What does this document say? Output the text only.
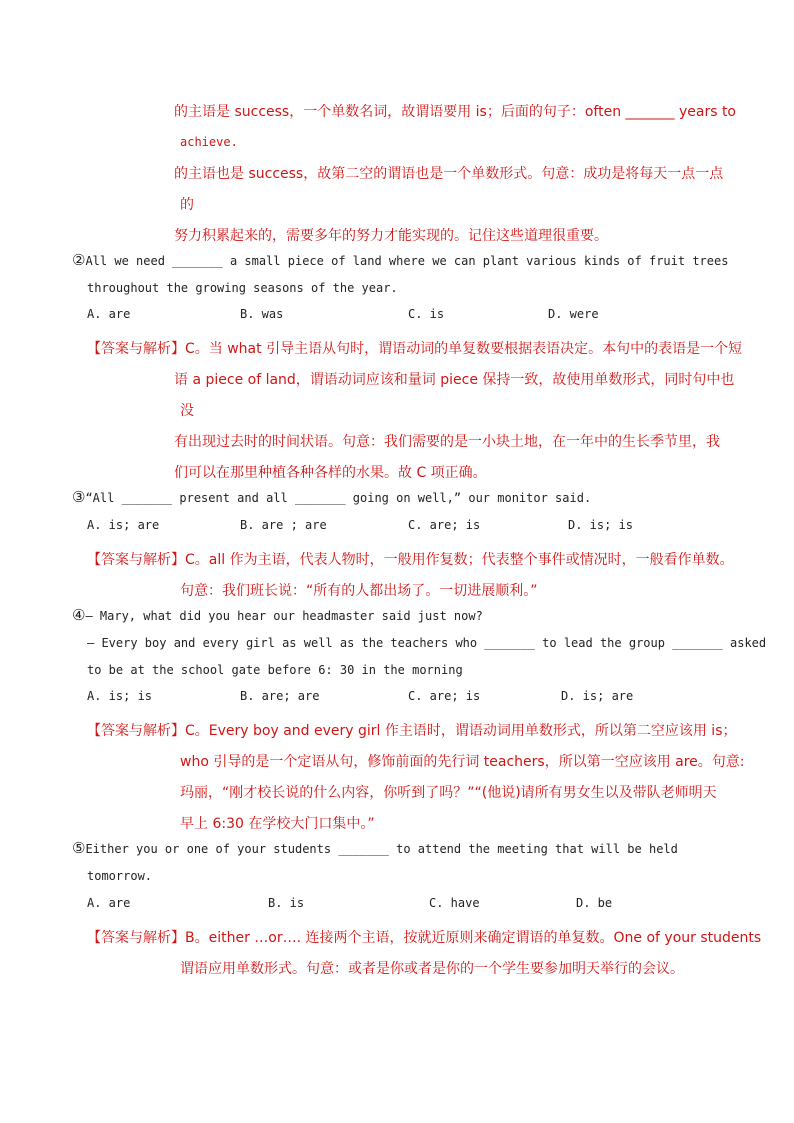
的主语是 success，一个单数名词，故谓语要用 is；后面的句子：often _______ years to
achieve.
的主语也是 success，故第二空的谓语也是一个单数形式。句意：成功是将每天一点一点
的
努力积累起来的，需要多年的努力才能实现的。记住这些道理很重要。
②All we need _______ a small piece of land where we can plant various kinds of fruit trees
throughout the growing seasons of the year.
A. are	B. was	C. is	D. were
【答案与解析】C。当 what 引导主语从句时，谓语动词的单复数要根据表语决定。本句中的表语是一个短
语 a piece of land，谓语动词应该和量词 piece 保持一致，故使用单数形式，同时句中也
没
有出现过去时的时间状语。句意：我们需要的是一小块土地，在一年中的生长季节里，我
们可以在那里种植各种各样的水果。故 C 项正确。
③“All _______ present and all _______ going on well,” our monitor said.
A. is; are	B. are ; are	C. are; is	D. is; is
【答案与解析】C。all 作为主语，代表人物时，一般用作复数；代表整个事件或情况时，一般看作单数。
句意：我们班长说：“所有的人都出场了。一切进展顺利。”
④— Mary, what did you hear our headmaster said just now?
— Every boy and every girl as well as the teachers who _______ to lead the group _______ asked
to be at the school gate before 6: 30 in the morning
A. is; is	B. are; are	C. are; is	D. is; are
【答案与解析】C。Every boy and every girl 作主语时，谓语动词用单数形式，所以第二空应该用 is；
who 引导的是一个定语从句，修饰前面的先行词 teachers，所以第一空应该用 are。句意:
玛丽，“刚才校长说的什么内容，你听到了吗？”“(他说)请所有男女生以及带队老师明天
早上 6:30 在学校大门口集中。”
⑤Either you or one of your students _______ to attend the meeting that will be held
tomorrow.
A. are	B. is	C. have	D. be
【答案与解析】B。either …or…. 连接两个主语，按就近原则来确定谓语的单复数。One of your students
谓语应用单数形式。句意：或者是你或者是你的一个学生要参加明天举行的会议。
